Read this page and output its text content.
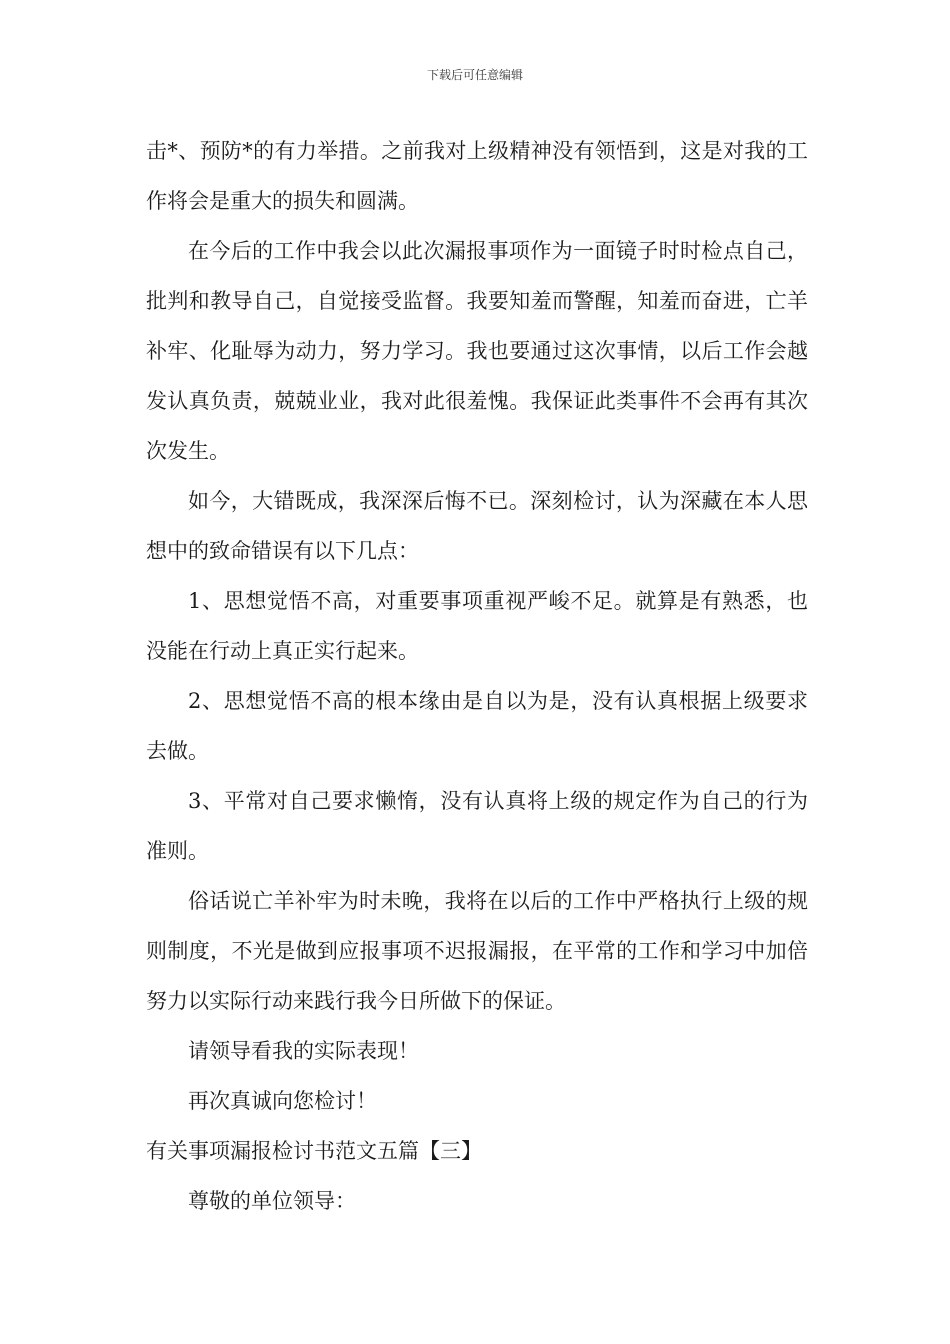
下载后可任意编辑

击*、预防*的有力举措。之前我对上级精神没有领悟到，这是对我的工作将会是重大的损失和圆满。

在今后的工作中我会以此次漏报事项作为一面镜子时时检点自己，批判和教导自己，自觉接受监督。我要知羞而警醒，知羞而奋进，亡羊补牢、化耻辱为动力，努力学习。我也要通过这次事情，以后工作会越发认真负责，兢兢业业，我对此很羞愧。我保证此类事件不会再有其次次发生。

如今，大错既成，我深深后悔不已。深刻检讨，认为深藏在本人思想中的致命错误有以下几点：

1、思想觉悟不高，对重要事项重视严峻不足。就算是有熟悉，也没能在行动上真正实行起来。

2、思想觉悟不高的根本缘由是自以为是，没有认真根据上级要求去做。

3、平常对自己要求懒惰，没有认真将上级的规定作为自己的行为准则。

俗话说亡羊补牢为时未晚，我将在以后的工作中严格执行上级的规则制度，不光是做到应报事项不迟报漏报，在平常的工作和学习中加倍努力以实际行动来践行我今日所做下的保证。

请领导看我的实际表现！

再次真诚向您检讨！

有关事项漏报检讨书范文五篇【三】

尊敬的单位领导：
